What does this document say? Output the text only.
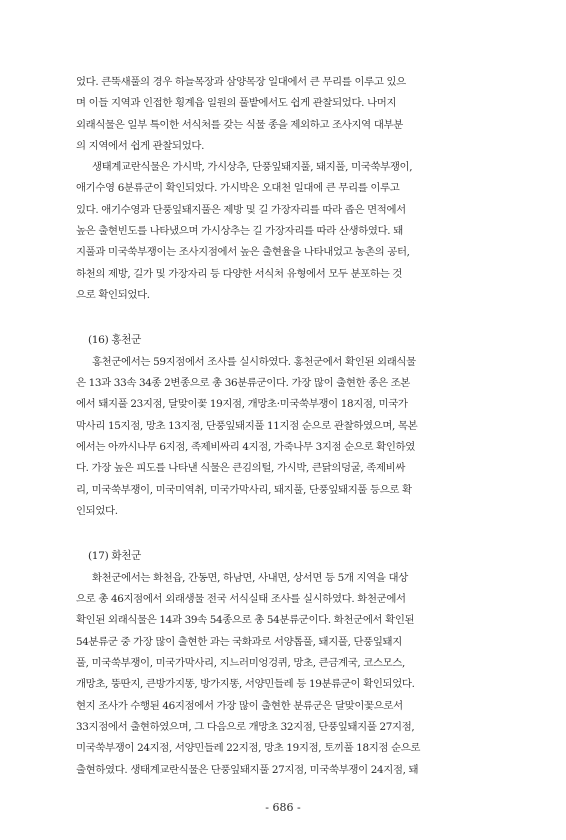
었다. 큰뚝새풀의 경우 하늘목장과 삼양목장 일대에서 큰 무리를 이루고 있으
며 이들 지역과 인접한 횡계읍 일원의 풀밭에서도 쉽게 관찰되었다. 나머지
외래식물은 일부 특이한 서식처를 갖는 식물 종을 제외하고 조사지역 대부분
의 지역에서 쉽게 관찰되었다.
생태계교란식물은 가시박, 가시상추, 단풍잎돼지풀, 돼지풀, 미국쑥부쟁이,
애기수영 6분류군이 확인되었다. 가시박은 오대천 일대에 큰 무리를 이루고
있다. 애기수영과 단풍잎돼지풀은 제방 및 길 가장자리를 따라 좁은 면적에서
높은 출현빈도를 나타냈으며 가시상추는 길 가장자리를 따라 산생하였다. 돼
지풀과 미국쑥부쟁이는 조사지점에서 높은 출현율을 나타내었고 농촌의 공터,
하천의 제방, 길가 및 가장자리 등 다양한 서식처 유형에서 모두 분포하는 것
으로 확인되었다.
(16) 홍천군
홍천군에서는 59지점에서 조사를 실시하였다. 홍천군에서 확인된 외래식물
은 13과 33속 34종 2변종으로 총 36분류군이다. 가장 많이 출현한 종은 조본
에서 돼지풀 23지점, 달맞이꽃 19지점, 개망초·미국쑥부쟁이 18지점, 미국가
막사리 15지점, 망초 13지점, 단풍잎돼지풀 11지점 순으로 관찰하였으며, 목본
에서는 아까시나무 6지점, 족제비싸리 4지점, 가죽나무 3지점 순으로 확인하였
다. 가장 높은 피도를 나타낸 식물은 큰김의털, 가시박, 큰닭의덩굴, 족제비싸
리, 미국쑥부쟁이, 미국미역취, 미국가막사리, 돼지풀, 단풍잎돼지풀 등으로 확
인되었다.
(17) 화천군
화천군에서는 화천읍, 간동면, 하남면, 사내면, 상서면 등 5개 지역을 대상
으로 총 46지점에서 외래생물 전국 서식실태 조사를 실시하였다. 화천군에서
확인된 외래식물은 14과 39속 54종으로 총 54분류군이다. 화천군에서 확인된
54분류군 중 가장 많이 출현한 과는 국화과로 서양톱풀, 돼지풀, 단풍잎돼지
풀, 미국쑥부쟁이, 미국가막사리, 지느러미엉겅퀴, 망초, 큰금계국, 코스모스,
개망초, 뚱딴지, 큰방가지똥, 방가지똥, 서양민들레 등 19분류군이 확인되었다.
현지 조사가 수행된 46지점에서 가장 많이 출현한 분류군은 달맞이꽃으로서
33지점에서 출현하였으며, 그 다음으로 개망초 32지점, 단풍잎돼지풀 27지점,
미국쑥부쟁이 24지점, 서양민들레 22지점, 망초 19지점, 토끼풀 18지점 순으로
출현하였다. 생태계교란식물은 단풍잎돼지풀 27지점, 미국쑥부쟁이 24지점, 돼
- 686 -
